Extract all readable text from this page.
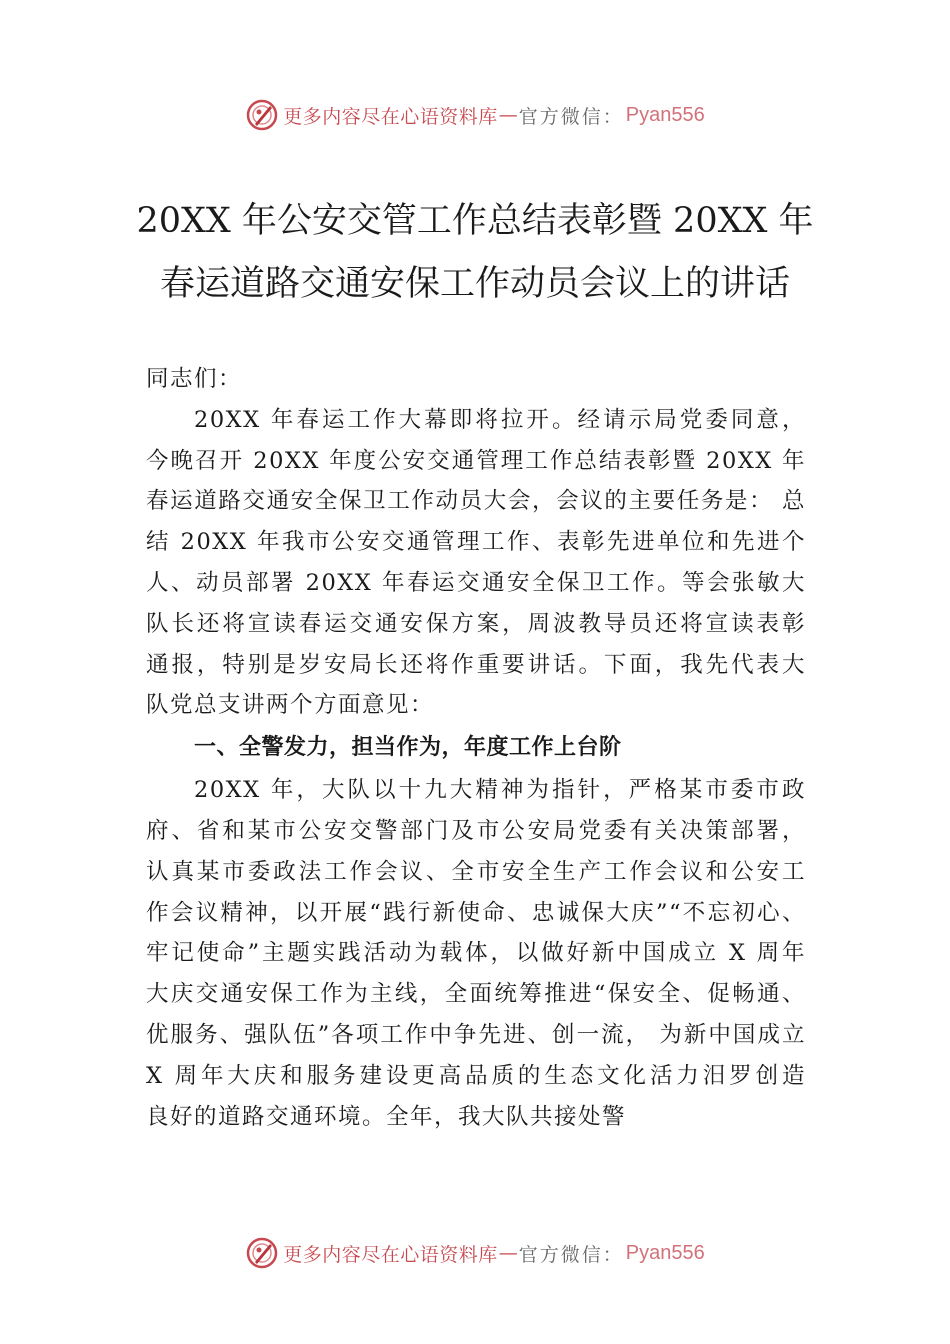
更多内容尽在心语资料库 — 官方微信： Pyan556
20XX 年公安交管工作总结表彰暨 20XX 年
春运道路交通安保工作动员会议上的讲话
同志们：
20XX 年春运工作大幕即将拉开。经请示局党委同意，
今晚召开 20XX 年度公安交通管理工作总结表彰暨 20XX 年
春运道路交通安全保卫工作动员大会，会议的主要任务是： 总
结 20XX 年我市公安交通管理工作、表彰先进单位和先进个
人、动员部署 20XX 年春运交通安全保卫工作。等会张敏大
队长还将宣读春运交通安保方案，周波教导员还将宣读表彰
通报，特别是岁安局长还将作重要讲话。下面，我先代表大
队党总支讲两个方面意见：
一、全警发力，担当作为，年度工作上台阶
20XX 年，大队以十九大精神为指针，严格某市委市政
府、省和某市公安交警部门及市公安局党委有关决策部署，
认真某市委政法工作会议、全市安全生产工作会议和公安工
作会议精神，以开展“践行新使命、忠诚保大庆”“不忘初心、
牢记使命”主题实践活动为载体，以做好新中国成立 X 周年
大庆交通安保工作为主线，全面统筹推进“保安全、促畅通、
优服务、强队伍”各项工作中争先进、创一流， 为新中国成立
X 周年大庆和服务建设更高品质的生态文化活力汨罗创造
良好的道路交通环境。全年，我大队共接处警
更多内容尽在心语资料库 — 官方微信： Pyan556
